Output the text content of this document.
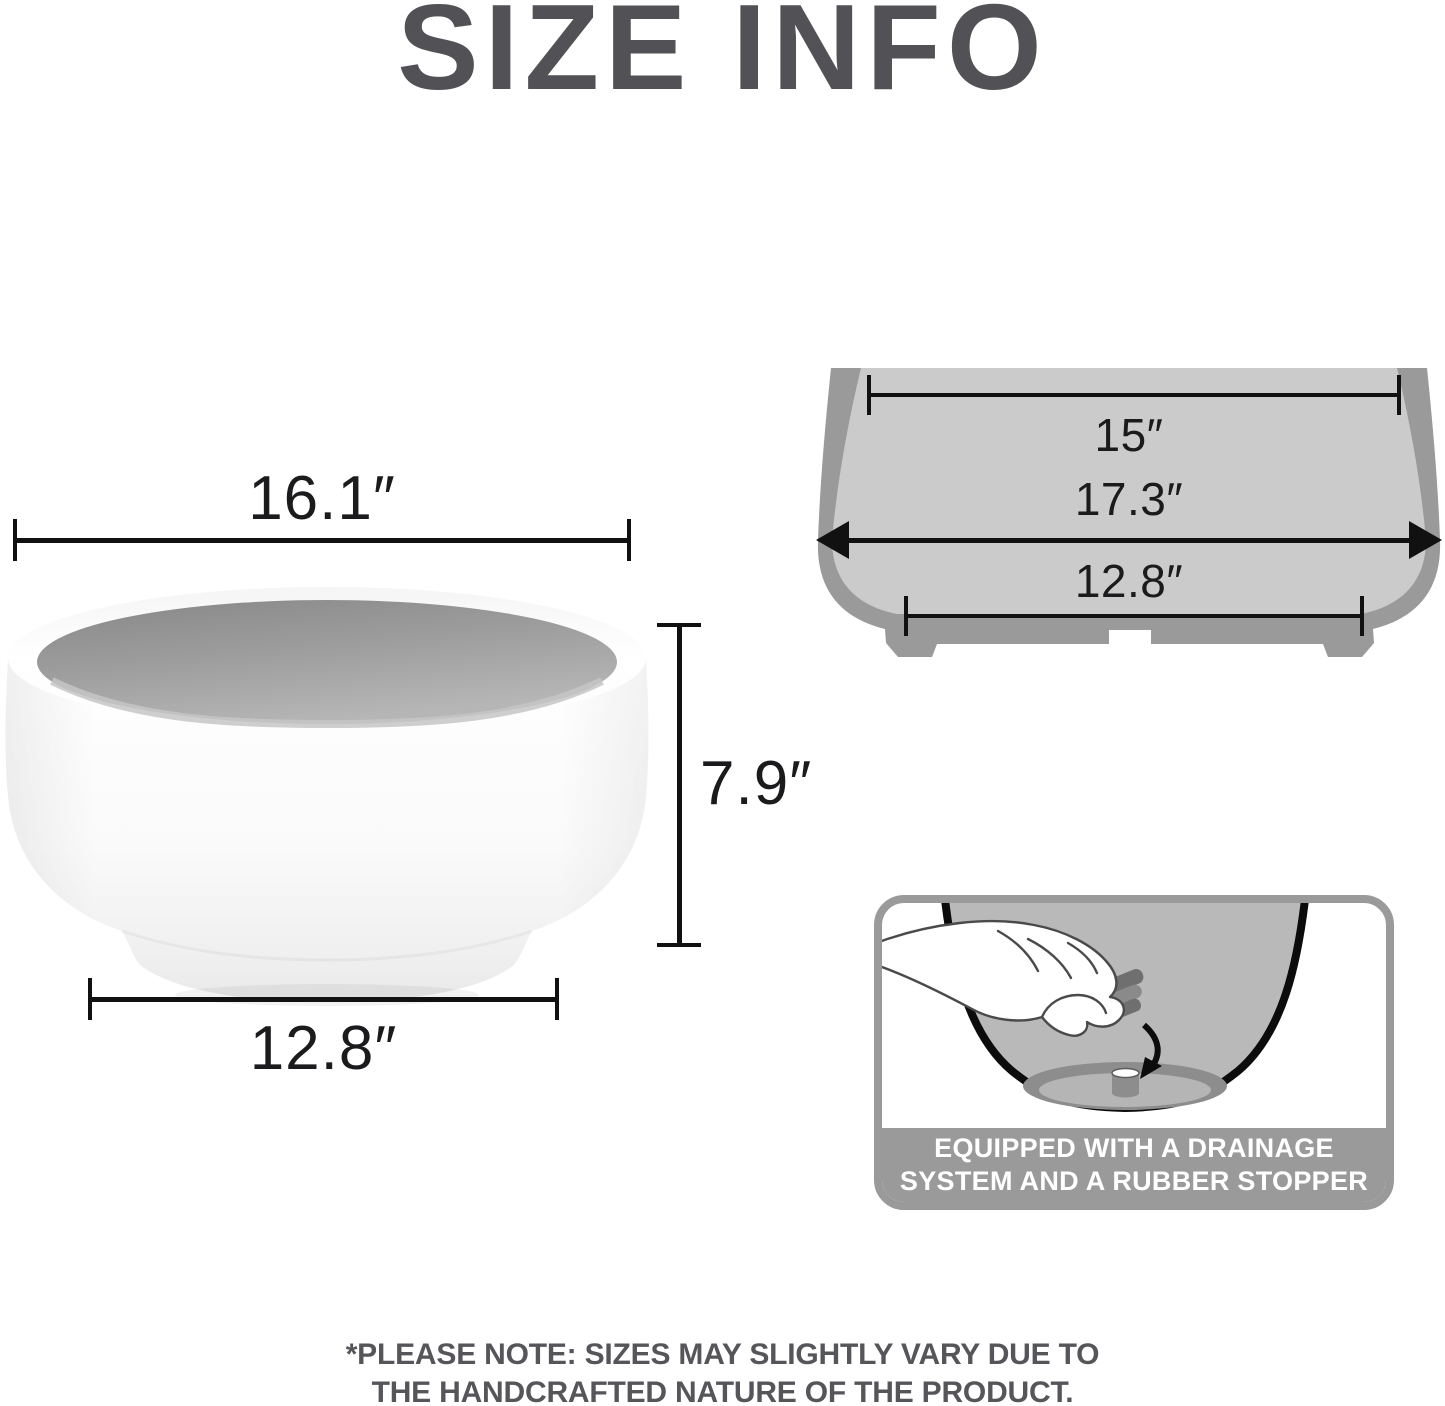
SIZE INFO
16.1″
7.9″
12.8″
15″
17.3″
12.8″
EQUIPPED WITH A DRAINAGE
SYSTEM AND A RUBBER STOPPER
*PLEASE NOTE: SIZES MAY SLIGHTLY VARY DUE TO
THE HANDCRAFTED NATURE OF THE PRODUCT.
